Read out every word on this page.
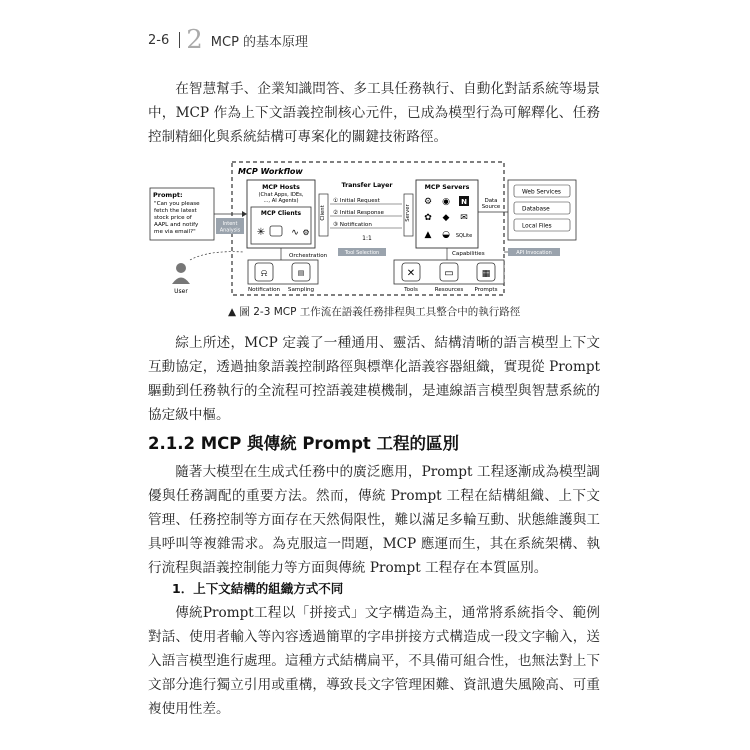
2-6 2 MCP 的基本原理
在智慧幫手、企業知識問答、多工具任務執行、自動化對話系統等場景中，MCP 作為上下文語義控制核心元件，已成為模型行為可解釋化、任務控制精細化與系統結構可專案化的關鍵技術路徑。
MCP Workflow
Prompt:
"Can you please fetch the latest stock price of AAPL and notify me via email?"
Intent
Analysis
User
MCP Hosts
(Chat Apps, IDEs,
..., AI Agents)
MCP Clients
✳	∿ ⚙
Transfer Layer
Client	Server
① Initial Request
② Initial Response
③ Notification
1:1
MCP Servers
⚙ ◉ N
✿ ◆ ✉
▲ ◒ SQLite
Data
Source
Web Services
Database
Local Files
Orchestration	Capabilities
Tool Selection	API Invocation
⍾	▤
Notification Sampling
✕	▭	▦
Tools	Resources Prompts
▲ 圖 2-3 MCP 工作流在語義任務排程與工具整合中的執行路徑
綜上所述，MCP 定義了一種通用、靈活、結構清晰的語言模型上下文互動協定，透過抽象語義控制路徑與標準化語義容器組織，實現從 Prompt 驅動到任務執行的全流程可控語義建模機制，是連線語言模型與智慧系統的協定級中樞。
2.1.2 MCP 與傳統 Prompt 工程的區別
隨著大模型在生成式任務中的廣泛應用，Prompt 工程逐漸成為模型調優與任務調配的重要方法。然而，傳統 Prompt 工程在結構組織、上下文管理、任務控制等方面存在天然侷限性，難以滿足多輪互動、狀態維護與工具呼叫等複雜需求。為克服這一問題，MCP 應運而生，其在系統架構、執行流程與語義控制能力等方面與傳統 Prompt 工程存在本質區別。
1．上下文結構的組織方式不同
傳統Prompt工程以「拼接式」文字構造為主，通常將系統指令、範例對話、使用者輸入等內容透過簡單的字串拼接方式構造成一段文字輸入，送入語言模型進行處理。這種方式結構扁平，不具備可組合性，也無法對上下文部分進行獨立引用或重構，導致長文字管理困難、資訊遺失風險高、可重複使用性差。
